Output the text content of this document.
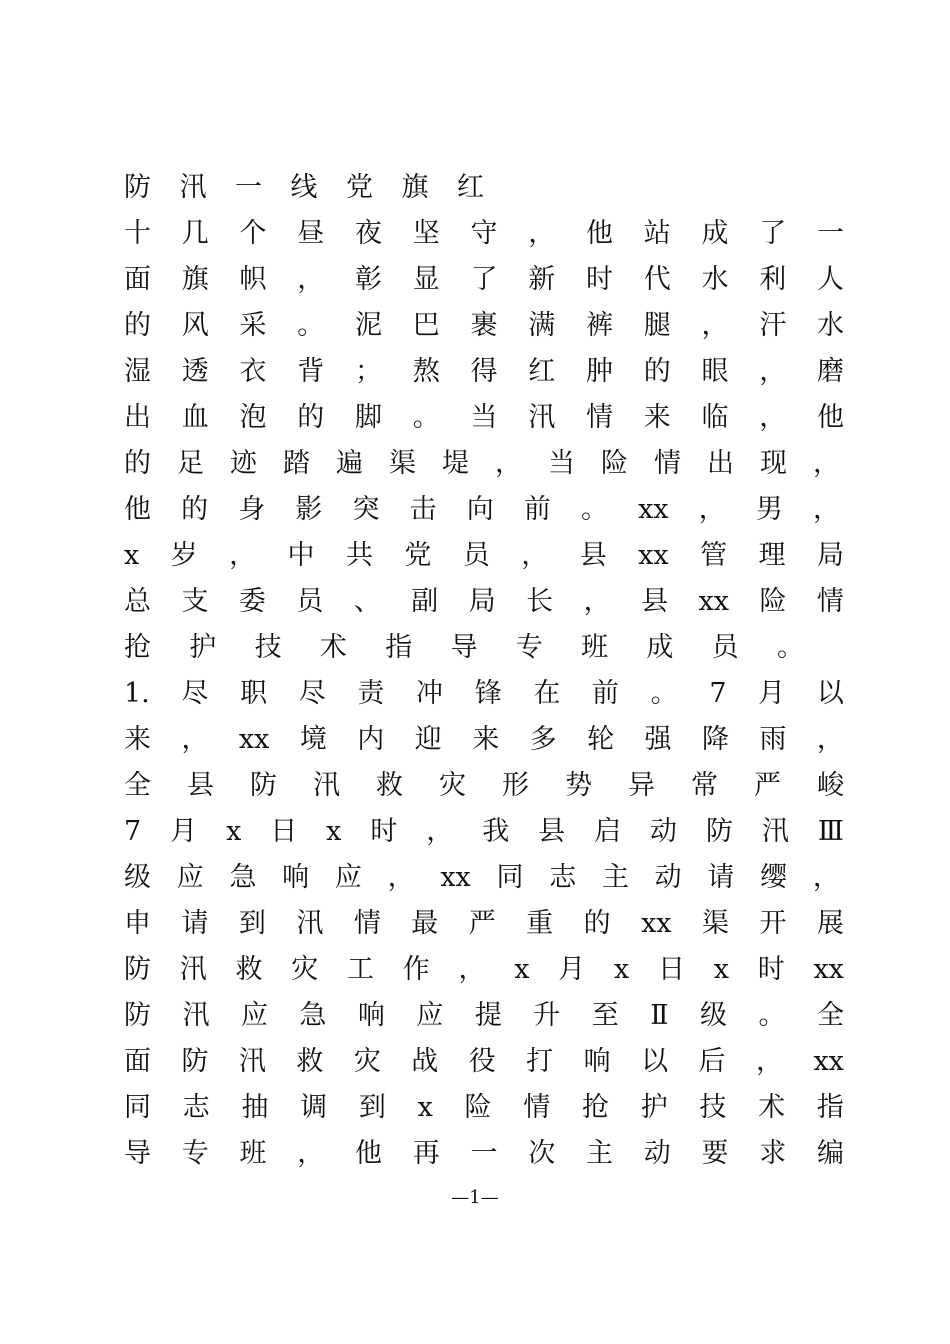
防 汛 一 线 党 旗 红
十 几 个 昼 夜 坚 守 ， 他 站 成 了 一
面 旗 帜 ， 彰 显 了 新 时 代 水 利 人
的 风 采 。 泥 巴 裹 满 裤 腿 ， 汗 水
湿 透 衣 背 ； 熬 得 红 肿 的 眼 ， 磨
出 血 泡 的 脚 。 当 汛 情 来 临 ， 他
的 足 迹 踏 遍 渠 堤 ， 当 险 情 出 现 ，
他 的 身 影 突 击 向 前 。 xx ， 男 ，
x 岁 ， 中 共 党 员 ， 县 xx 管 理 局
总 支 委 员 、 副 局 长 ， 县 xx 险 情
抢 护 技 术 指 导 专 班 成 员 。
1. 尽 职 尽 责 冲 锋 在 前 。 7 月 以
来 ， xx 境 内 迎 来 多 轮 强 降 雨 ，
全 县 防 汛 救 灾 形 势 异 常 严 峻
7 月 x 日 x 时 ， 我 县 启 动 防 汛 Ⅲ
级 应 急 响 应 ， xx 同 志 主 动 请 缨 ，
申 请 到 汛 情 最 严 重 的 xx 渠 开 展
防 汛 救 灾 工 作 ， x 月 x 日 x 时 xx
防 汛 应 急 响 应 提 升 至 Ⅱ 级 。 全
面 防 汛 救 灾 战 役 打 响 以 后 ， xx
同 志 抽 调 到 x 险 情 抢 护 技 术 指
导 专 班 ， 他 再 一 次 主 动 要 求 编
—1—
